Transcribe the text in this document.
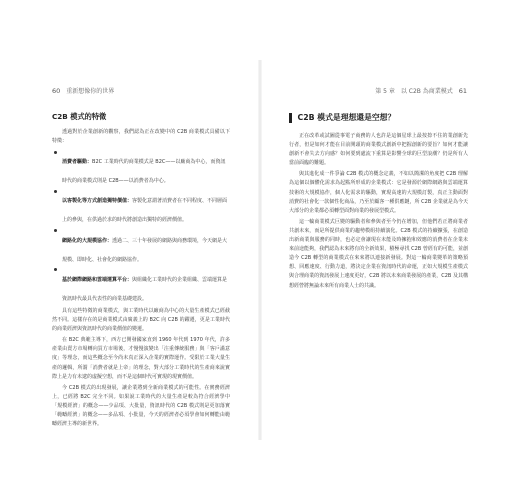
60 重新想像你的世界
C2B 模式的特徵

透過對於企業創新的觀察，我們認為正在改變中的 C2B 商業模式具備以下特徵：

消費者驅動：B2C 工業時代的商業模式是 B2C——以廠商為中心，而資訊時代的商業模式則是 C2B——以消費者為中心。
以客製化等方式創造獨特價值：客製化意謂著消費者在不同程度、不同層面上的參與，在供過於求的時代將創造出獨特的經濟價值。
網路化的大規模協作：透過二、三十年發展的網路與商務環境，今天網是大規模、即時化、社會化的網路協作。
基於網際網路和雲端運算平台：與組織化工業時代的企業組織、雲端運算是資訊時代最具代表性的商業基礎建設。

具有這些特徵的商業模式，與工業時代以廠商為中心的大量生產模式已經截然不同。這樣存在的是商業模式由廣義上的 B2C 向 C2B 的躍遷，更是工業時代的商業經濟與資訊時代的商業價值的變遷。

在 B2C 典範主導下，西方已開發國家直到 1960 年代到 1970 年代，許多產業由賣方市場轉向買方市場後，才慢慢演變出「注重傳統服務」與「客戶滿意度」等理念，而這些概念至今尚未真正深入企業的實際運作。受限於工業大量生產的邏輯，所謂「消費者就是上帝」的理念，對大部分工業時代的生產商來說實際上是力有未逮的虛擬空想，而不是這個時代可實現的現實價值。

今 C2B 模式的出現發展，讓企業將到全新商業模式的可能性。在實務經濟上，已經將 B2C 完全不同。如果說工業時代的大量生產是較為符合經濟學中「規模經濟」的概念——少品項、大批量，資訊時代的 C2B 模式則是更加落實「範疇經濟」的概念——多品項、小批量，今天的經濟者必須學會如何轉能由範疇經濟主導的新世界。

第 5 章　以 C2B 為商業模式 61
C2B 模式是理想還是空想？

正在改革或試圖從事電子商務的人也許是這個星球上最按捺不住的業創新先行者，但是如何才能在目前開頭的商業模式創新中把握創新的要旨？如何才能讓創新不會失去方向感？如何要到處流下重算是影響全球的巨型浪潮？仍是所有人當前面臨的難題。

與其進化成一件爭論 C2B 模式的概念定義，不如以簡潔的角度把 C2B 理解為這個以個體化需求為起點所形成的企業模式：它是發源於網際網路與雲端運算技術的大規模協作，個人化需求的驅動，實現高速的大規模訂製，真正主動面對消費的社會化一款個性化商品，乃至於顧客一種供應鏈，所 C2B 企業就是為今天大部分的企業都必須轉型面對商業的發展型模式。

這一輪商業模式巨變的驅動者和參與者至今仍在增加，但他們若正將商業者共創未來，而是所提供商業的趨勢模組持續演化。C2B 模式的持續擴張，在創造出新商業與服務的同時，也必定會讓現在未能及時擁抱和效應的消費者在企業未來前途能夠，我們認為未來將有的全新效果，積極尋找 C2B 曾經有的可能，並創造今 C2B 轉型的商業模式在來來將以連接新發展。對這一輪商業變革的策略預想、回應速度、行動力道，將決定企業在資訊時代的命運，正如大規模生產模式與合理商業的資訊發展上速度更好，C2B 將以未來商業發展的產業，C2B 及其構想經營將無論未來所有商業人士的共識。
